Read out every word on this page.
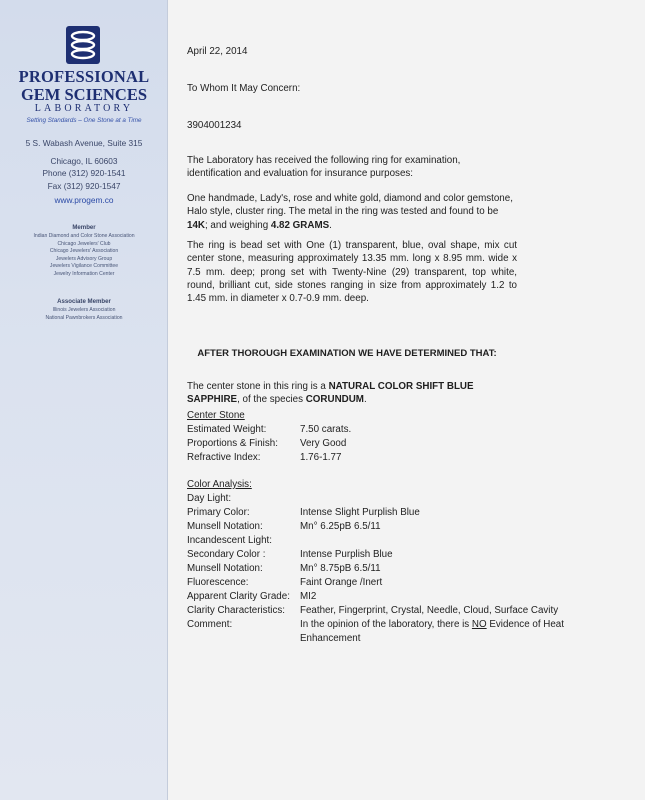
PROFESSIONAL
GEM SCIENCES
LABORATORY
Setting Standards – One Stone at a Time
5 S. Wabash Avenue, Suite 315
Chicago, IL 60603
Phone (312) 920-1541
Fax (312) 920-1547
www.progem.co
Member
Indian Diamond and Color Stone Association
Chicago Jewelers' Club
Chicago Jewelers' Association
Jewelers Advisory Group
Jewelers Vigilance Committee
Jewelry Information Center
Associate Member
Illinois Jewelers Association
National Pawnbrokers Association
April 22, 2014
To Whom It May Concern:
3904001234
The Laboratory has received the following ring for examination, identification and evaluation for insurance purposes:
One handmade, Lady's, rose and white gold, diamond and color gemstone, Halo style, cluster ring. The metal in the ring was tested and found to be 14K; and weighing 4.82 GRAMS.
The ring is bead set with One (1) transparent, blue, oval shape, mix cut center stone, measuring approximately 13.35 mm. long x 8.95 mm. wide x 7.5 mm. deep; prong set with Twenty-Nine (29) transparent, top white, round, brilliant cut, side stones ranging in size from approximately 1.2 to 1.45 mm. in diameter x 0.7-0.9 mm. deep.
AFTER THOROUGH EXAMINATION WE HAVE DETERMINED THAT:
The center stone in this ring is a NATURAL COLOR SHIFT BLUE SAPPHIRE, of the species CORUNDUM.
Center Stone
Estimated Weight:	7.50 carats.
Proportions & Finish: Very Good
Refractive Index:	1.76-1.77
Color Analysis:
Day Light:
Primary Color:	Intense Slight Purplish Blue
Munsell Notation:	Mn° 6.25pB 6.5/11
Incandescent Light:
Secondary Color :	Intense Purplish Blue
Munsell Notation:	Mn° 8.75pB 6.5/11
Fluorescence:	Faint Orange /Inert
Apparent Clarity Grade: MI2
Clarity Characteristics: Feather, Fingerprint, Crystal, Needle, Cloud, Surface Cavity
Comment:	In the opinion of the laboratory, there is NO Evidence of Heat
Enhancement
